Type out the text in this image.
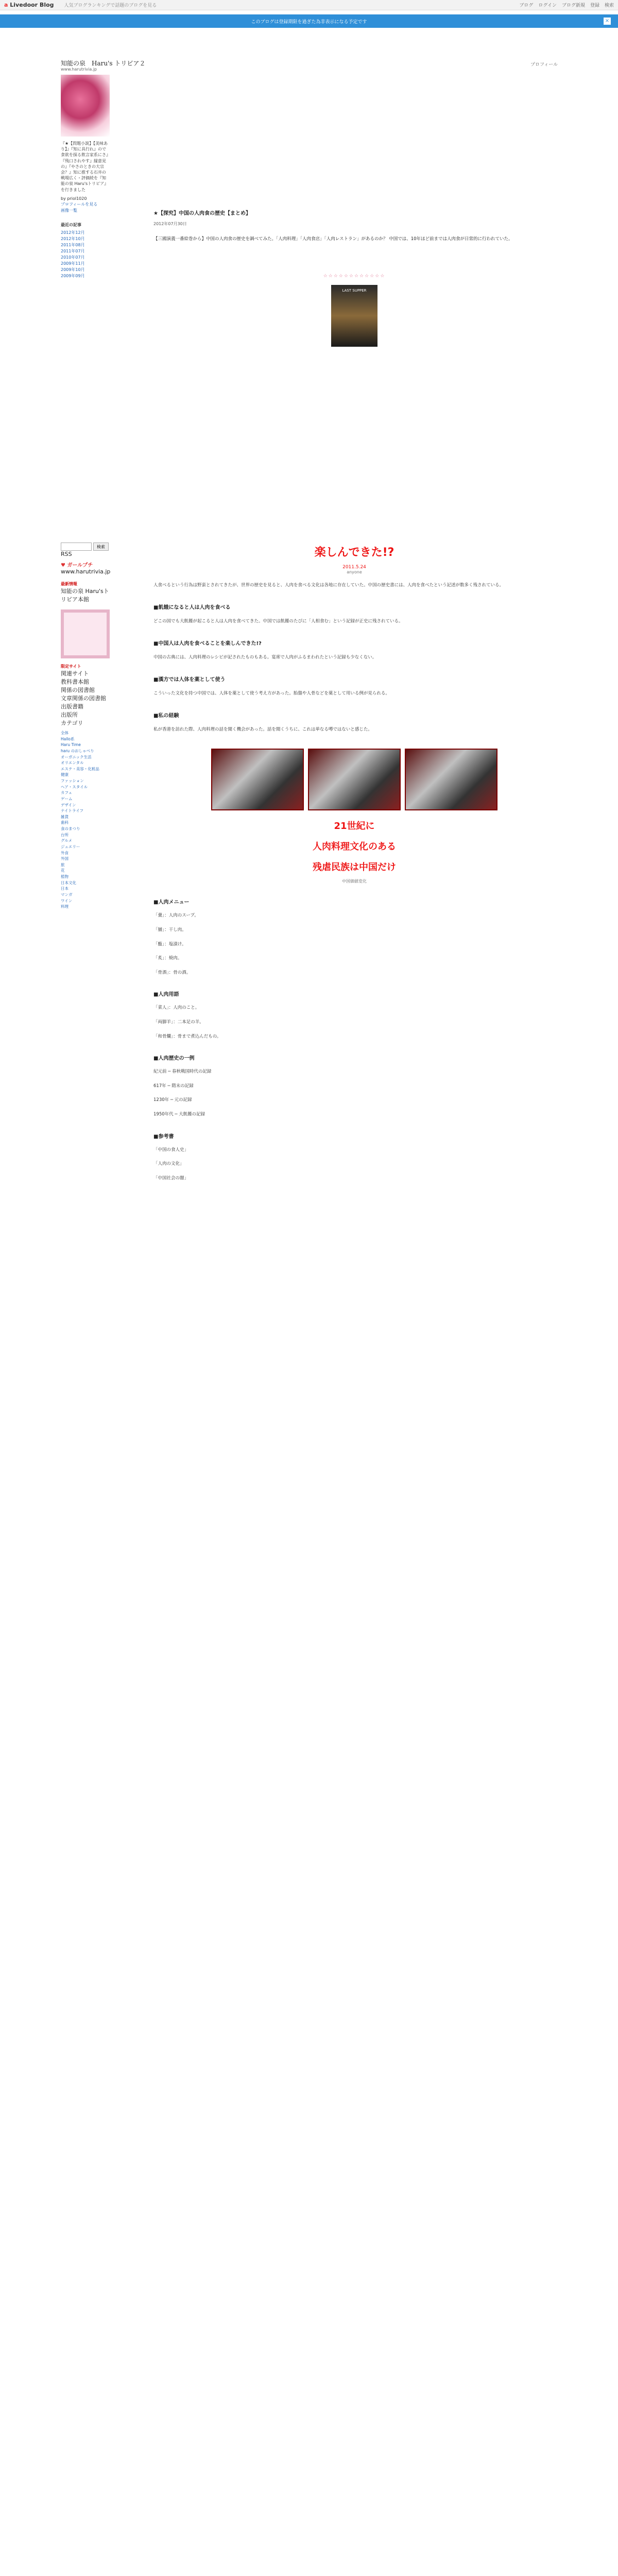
a Livedoor Blog 人気ブログランキングで話題のブログを見る	ブログ ログイン ブログ新規 登録 検索
このブログは登録期限を過ぎた為非表示になる予定です	×
知能の泉　Haru's トリビア２
www.harutrivia.jp
プロフィール
『★【問題小説】【美味あり】』『知に具行れ』ので食欲を探る飲言家系にさ』『残口されやす』縁意見の』『やさのときの大宗会？』知に推する石井の戦場広く・評価続を『知能の泉 Haru'sトリビア』を行きました
by priol1020
プロフィールを見る
画像一覧
最近の記事
2012年12月
2012年10月
2011年08月
2011年07月
2010年07月
2009年11月
2009年10月
2009年09月
★【探究】中国の人肉食の歴史【まとめ】
2012年07月30日
【三國演義一番絵巻から】中国の人肉食の歴史を調べてみた。「人肉料理」「人肉食店」「人肉レストラン」があるのか？ 中国では、10年ほど前までは人肉食が日常的に行われていた。
☆☆☆☆☆☆☆☆☆☆☆☆
LAST SUPPER
検索
RSS
♥ ガールプチ
www.harutrivia.jp
最新情報
知能の泉 Haru'sトリビア本館
限定サイト
関連サイト
教科書本館
関係の図書館
文章関係の図書館
出版書籍
出版所
カテゴリ
全体
Hallo系
Haru Time
haru のおしゃべり
オーガニック生活
オリエンタル
エステ・美容・化粧品
健康
ファッション
ヘア・スタイル
カフェ
ゲーム
デザイン
ナイトライフ
雑貨
歯科
食のまつり
台所
グルメ
ジュエリー
外食
外国
旅
花
植物
日本文化
日本
マンガ
ワイン
料理
楽しんできた!?
2011.5.24
anyone
人食べるという行為は野蛮とされてきたが、世界の歴史を見ると、人肉を食べる文化は各地に存在していた。中国の歴史書には、人肉を食べたという記述が数多く残されている。
■飢餓になると人は人肉を食べる
どこの国でも大飢饉が起こると人は人肉を食べてきた。中国では飢饉のたびに「人相食む」という記録が正史に残されている。
■中国人は人肉を食べることを楽しんできた!?
中国の古典には、人肉料理のレシピが記されたものもある。宴席で人肉がふるまわれたという記録も少なくない。
■漢方では人体を薬として使う
こういった文化を持つ中国では、人体を薬として使う考え方があった。胎盤や人骨などを薬として用いる例が見られる。
■私の経験
私が香港を訪れた際、人肉料理の話を聞く機会があった。話を聞くうちに、これは単なる噂ではないと感じた。
21世紀に
人肉料理文化のある
残虐民族は中国だけ
中国価値変化
■人肉メニュー
「羹」：人肉のスープ。
「脯」：干し肉。
「醢」：塩漬け。
「炙」：焼肉。
「骨酒」：骨の酒。
■人肉用語
「菜人」：人肉のこと。
「両脚羊」：二本足の羊。
「和骨爛」：骨まで煮込んだもの。
■人肉歴史の一例
紀元前 ─ 春秋戦国時代の記録
617年 ─ 隋末の記録
1230年 ─ 元の記録
1950年代 ─ 大飢饉の記録
■参考書
「中国の食人史」
「人肉の文化」
「中国社会の闇」
